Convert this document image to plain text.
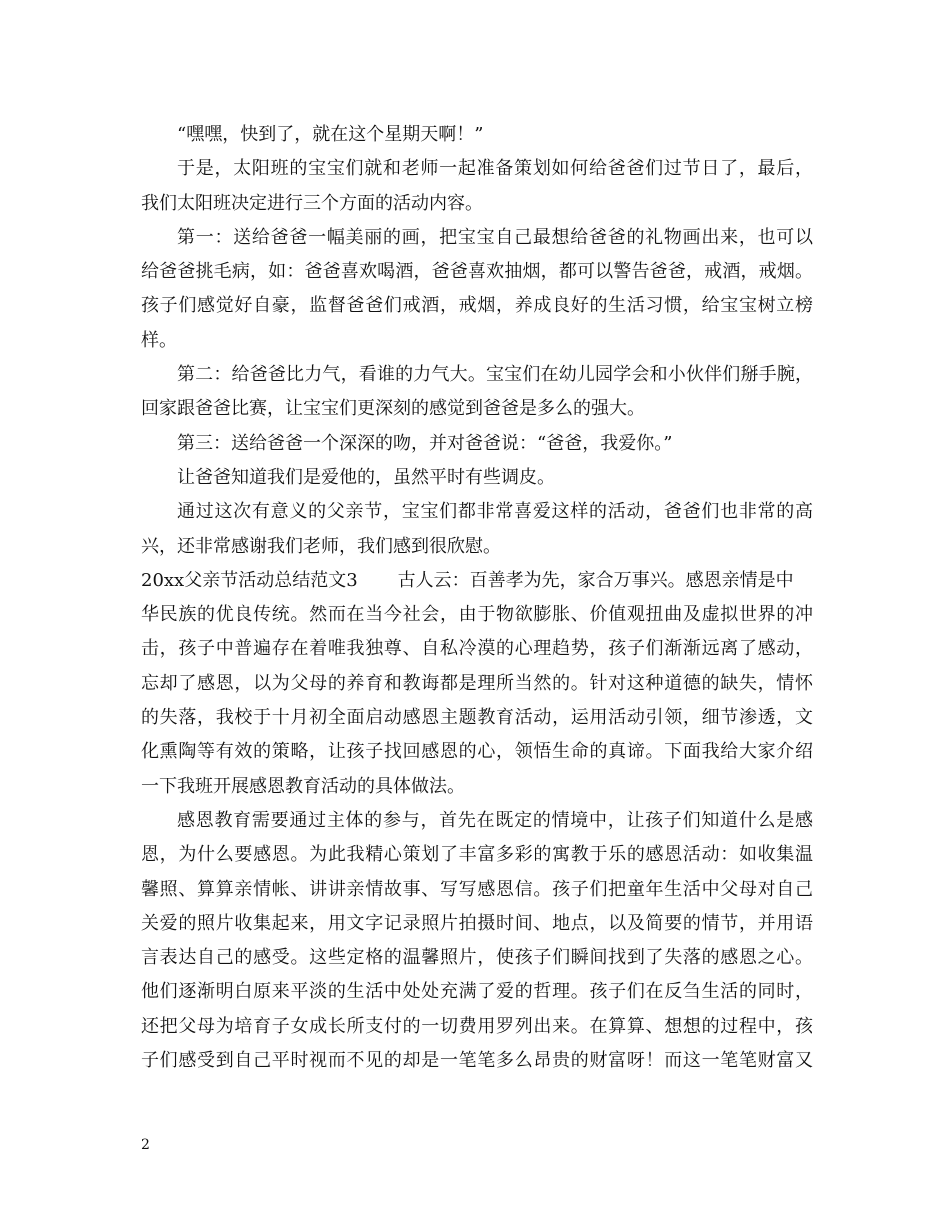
“嘿嘿，快到了，就在这个星期天啊！”
于是，太阳班的宝宝们就和老师一起准备策划如何给爸爸们过节日了，最后，
我们太阳班决定进行三个方面的活动内容。
第一：送给爸爸一幅美丽的画，把宝宝自己最想给爸爸的礼物画出来，也可以
给爸爸挑毛病，如：爸爸喜欢喝酒，爸爸喜欢抽烟，都可以警告爸爸，戒酒，戒烟。
孩子们感觉好自豪，监督爸爸们戒酒，戒烟，养成良好的生活习惯，给宝宝树立榜
样。
第二：给爸爸比力气，看谁的力气大。宝宝们在幼儿园学会和小伙伴们掰手腕，
回家跟爸爸比赛，让宝宝们更深刻的感觉到爸爸是多么的强大。
第三：送给爸爸一个深深的吻，并对爸爸说：“爸爸，我爱你。”
让爸爸知道我们是爱他的，虽然平时有些调皮。
通过这次有意义的父亲节，宝宝们都非常喜爱这样的活动，爸爸们也非常的高
兴，还非常感谢我们老师，我们感到很欣慰。
20xx父亲节活动总结范文3 古人云：百善孝为先，家合万事兴。感恩亲情是中
华民族的优良传统。然而在当今社会，由于物欲膨胀、价值观扭曲及虚拟世界的冲
击，孩子中普遍存在着唯我独尊、自私冷漠的心理趋势，孩子们渐渐远离了感动，
忘却了感恩，以为父母的养育和教诲都是理所当然的。针对这种道德的缺失，情怀
的失落，我校于十月初全面启动感恩主题教育活动，运用活动引领，细节渗透，文
化熏陶等有效的策略，让孩子找回感恩的心，领悟生命的真谛。下面我给大家介绍
一下我班开展感恩教育活动的具体做法。
感恩教育需要通过主体的参与，首先在既定的情境中，让孩子们知道什么是感
恩，为什么要感恩。为此我精心策划了丰富多彩的寓教于乐的感恩活动：如收集温
馨照、算算亲情帐、讲讲亲情故事、写写感恩信。孩子们把童年生活中父母对自己
关爱的照片收集起来，用文字记录照片拍摄时间、地点，以及简要的情节，并用语
言表达自己的感受。这些定格的温馨照片，使孩子们瞬间找到了失落的感恩之心。
他们逐渐明白原来平淡的生活中处处充满了爱的哲理。孩子们在反刍生活的同时，
还把父母为培育子女成长所支付的一切费用罗列出来。在算算、想想的过程中，孩
子们感受到自己平时视而不见的却是一笔笔多么昂贵的财富呀！而这一笔笔财富又
2
